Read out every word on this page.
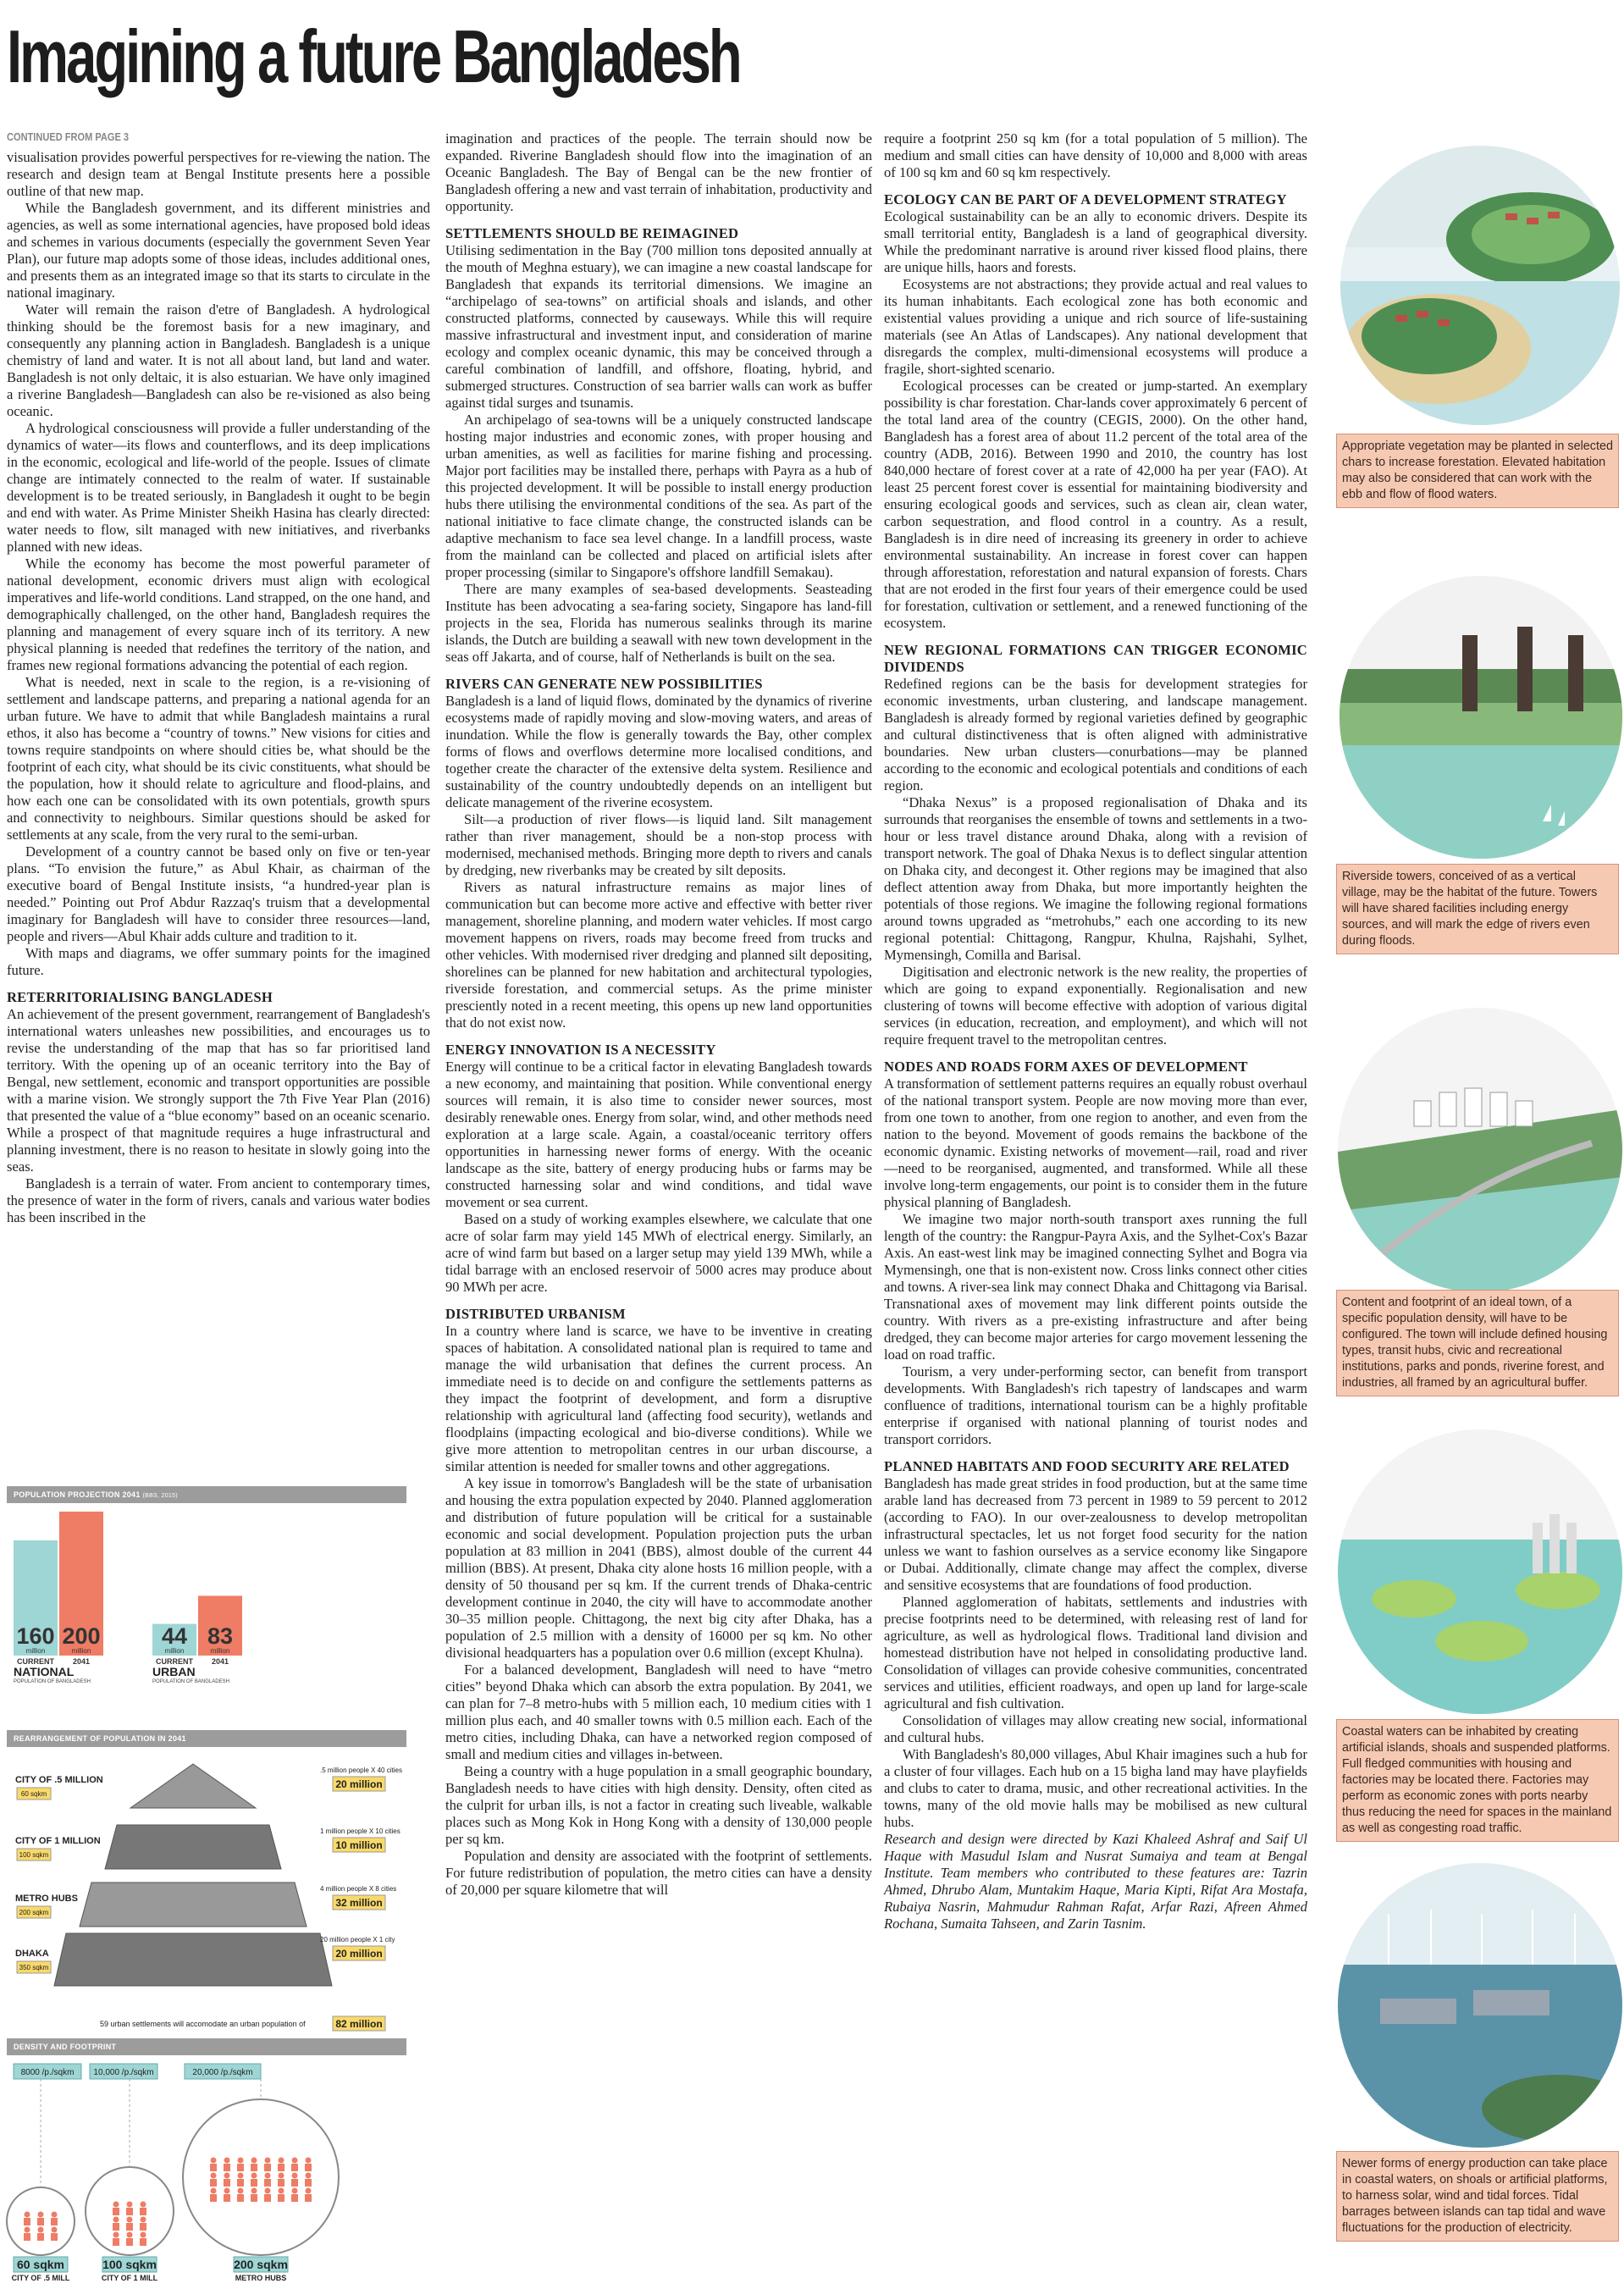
Imagining a future Bangladesh
CONTINUED FROM PAGE 3

visualisation provides powerful perspectives for re-viewing the nation. The research and design team at Bengal Institute presents here a possible outline of that new map.

While the Bangladesh government, and its different ministries and agencies, as well as some international agencies, have proposed bold ideas and schemes in various documents (especially the government Seven Year Plan), our future map adopts some of those ideas, includes additional ones, and presents them as an integrated image so that its starts to circulate in the national imaginary.

Water will remain the raison d'etre of Bangladesh. A hydrological thinking should be the foremost basis for a new imaginary, and consequently any planning action in Bangladesh. Bangladesh is a unique chemistry of land and water. It is not all about land, but land and water. Bangladesh is not only deltaic, it is also estuarian. We have only imagined a riverine Bangladesh—Bangladesh can also be re-visioned as also being oceanic.

A hydrological consciousness will provide a fuller understanding of the dynamics of water—its flows and counterflows, and its deep implications in the economic, ecological and life-world of the people. Issues of climate change are intimately connected to the realm of water. If sustainable development is to be treated seriously, in Bangladesh it ought to be begin and end with water. As Prime Minister Sheikh Hasina has clearly directed: water needs to flow, silt managed with new initiatives, and riverbanks planned with new ideas.

While the economy has become the most powerful parameter of national development, economic drivers must align with ecological imperatives and life-world conditions. Land strapped, on the one hand, and demographically challenged, on the other hand, Bangladesh requires the planning and management of every square inch of its territory. A new physical planning is needed that redefines the territory of the nation, and frames new regional formations advancing the potential of each region.

What is needed, next in scale to the region, is a re-visioning of settlement and landscape patterns, and preparing a national agenda for an urban future. We have to admit that while Bangladesh maintains a rural ethos, it also has become a “country of towns.” New visions for cities and towns require standpoints on where should cities be, what should be the footprint of each city, what should be its civic constituents, what should be the population, how it should relate to agriculture and flood-plains, and how each one can be consolidated with its own potentials, growth spurs and connectivity to neighbours. Similar questions should be asked for settlements at any scale, from the very rural to the semi-urban.

Development of a country cannot be based only on five or ten-year plans. “To envision the future,” as Abul Khair, as chairman of the executive board of Bengal Institute insists, “a hundred-year plan is needed.” Pointing out Prof Abdur Razzaq's truism that a developmental imaginary for Bangladesh will have to consider three resources—land, people and rivers—Abul Khair adds culture and tradition to it.

With maps and diagrams, we offer summary points for the imagined future.

RETERRITORIALISING BANGLADESH

An achievement of the present government, rearrangement of Bangladesh's international waters unleashes new possibilities, and encourages us to revise the understanding of the map that has so far prioritised land territory. With the opening up of an oceanic territory into the Bay of Bengal, new settlement, economic and transport opportunities are possible with a marine vision. We strongly support the 7th Five Year Plan (2016) that presented the value of a “blue economy” based on an oceanic scenario. While a prospect of that magnitude requires a huge infrastructural and planning investment, there is no reason to hesitate in slowly going into the seas.

Bangladesh is a terrain of water. From ancient to contemporary times, the presence of water in the form of rivers, canals and various water bodies has been inscribed in the

imagination and practices of the people. The terrain should now be expanded. Riverine Bangladesh should flow into the imagination of an Oceanic Bangladesh. The Bay of Bengal can be the new frontier of Bangladesh offering a new and vast terrain of inhabitation, productivity and opportunity.

SETTLEMENTS SHOULD BE REIMAGINED

Utilising sedimentation in the Bay (700 million tons deposited annually at the mouth of Meghna estuary), we can imagine a new coastal landscape for Bangladesh that expands its territorial dimensions. We imagine an “archipelago of sea-towns” on artificial shoals and islands, and other constructed platforms, connected by causeways. While this will require massive infrastructural and investment input, and consideration of marine ecology and complex oceanic dynamic, this may be conceived through a careful combination of landfill, and offshore, floating, hybrid, and submerged structures. Construction of sea barrier walls can work as buffer against tidal surges and tsunamis.

An archipelago of sea-towns will be a uniquely constructed landscape hosting major industries and economic zones, with proper housing and urban amenities, as well as facilities for marine fishing and processing. Major port facilities may be installed there, perhaps with Payra as a hub of this projected development. It will be possible to install energy production hubs there utilising the environmental conditions of the sea. As part of the national initiative to face climate change, the constructed islands can be adaptive mechanism to face sea level change. In a landfill process, waste from the mainland can be collected and placed on artificial islets after proper processing (similar to Singapore's offshore landfill Semakau).

There are many examples of sea-based developments. Seasteading Institute has been advocating a sea-faring society, Singapore has land-fill projects in the sea, Florida has numerous sealinks through its marine islands, the Dutch are building a seawall with new town development in the seas off Jakarta, and of course, half of Netherlands is built on the sea.

RIVERS CAN GENERATE NEW POSSIBILITIES

Bangladesh is a land of liquid flows, dominated by the dynamics of riverine ecosystems made of rapidly moving and slow-moving waters, and areas of inundation. While the flow is generally towards the Bay, other complex forms of flows and overflows determine more localised conditions, and together create the character of the extensive delta system. Resilience and sustainability of the country undoubtedly depends on an intelligent but delicate management of the riverine ecosystem.

Silt—a production of river flows—is liquid land. Silt management rather than river management, should be a non-stop process with modernised, mechanised methods. Bringing more depth to rivers and canals by dredging, new riverbanks may be created by silt deposits.

Rivers as natural infrastructure remains as major lines of communication but can become more active and effective with better river management, shoreline planning, and modern water vehicles. If most cargo movement happens on rivers, roads may become freed from trucks and other vehicles. With modernised river dredging and planned silt depositing, shorelines can be planned for new habitation and architectural typologies, riverside forestation, and commercial setups. As the prime minister presciently noted in a recent meeting, this opens up new land opportunities that do not exist now.

ENERGY INNOVATION IS A NECESSITY

Energy will continue to be a critical factor in elevating Bangladesh towards a new economy, and maintaining that position. While conventional energy sources will remain, it is also time to consider newer sources, most desirably renewable ones. Energy from solar, wind, and other methods need exploration at a large scale. Again, a coastal/oceanic territory offers opportunities in harnessing newer forms of energy. With the oceanic landscape as the site, battery of energy producing hubs or farms may be constructed harnessing solar and wind conditions, and tidal wave movement or sea current.

Based on a study of working examples elsewhere, we calculate that one acre of solar farm may yield 145 MWh of electrical energy. Similarly, an acre of wind farm but based on a larger setup may yield 139 MWh, while a tidal barrage with an enclosed reservoir of 5000 acres may produce about 90 MWh per acre.

DISTRIBUTED URBANISM

In a country where land is scarce, we have to be inventive in creating spaces of habitation. A consolidated national plan is required to tame and manage the wild urbanisation that defines the current process. An immediate need is to decide on and configure the settlements patterns as they impact the footprint of development, and form a disruptive relationship with agricultural land (affecting food security), wetlands and floodplains (impacting ecological and bio-diverse conditions). While we give more attention to metropolitan centres in our urban discourse, a similar attention is needed for smaller towns and other aggregations.

A key issue in tomorrow's Bangladesh will be the state of urbanisation and housing the extra population expected by 2040. Planned agglomeration and distribution of future population will be critical for a sustainable economic and social development. Population projection puts the urban population at 83 million in 2041 (BBS), almost double of the current 44 million (BBS). At present, Dhaka city alone hosts 16 million people, with a density of 50 thousand per sq km. If the current trends of Dhaka-centric development continue in 2040, the city will have to accommodate another 30–35 million people. Chittagong, the next big city after Dhaka, has a population of 2.5 million with a density of 16000 per sq km. No other divisional headquarters has a population over 0.6 million (except Khulna).

For a balanced development, Bangladesh will need to have “metro cities” beyond Dhaka which can absorb the extra population. By 2041, we can plan for 7–8 metro-hubs with 5 million each, 10 medium cities with 1 million plus each, and 40 smaller towns with 0.5 million each. Each of the metro cities, including Dhaka, can have a networked region composed of small and medium cities and villages in-between.

Being a country with a huge population in a small geographic boundary, Bangladesh needs to have cities with high density. Density, often cited as the culprit for urban ills, is not a factor in creating such liveable, walkable places such as Mong Kok in Hong Kong with a density of 130,000 people per sq km.

Population and density are associated with the footprint of settlements. For future redistribution of population, the metro cities can have a density of 20,000 per square kilometre that will

require a footprint 250 sq km (for a total population of 5 million). The medium and small cities can have density of 10,000 and 8,000 with areas of 100 sq km and 60 sq km respectively.

ECOLOGY CAN BE PART OF A DEVELOPMENT STRATEGY

Ecological sustainability can be an ally to economic drivers. Despite its small territorial entity, Bangladesh is a land of geographical diversity. While the predominant narrative is around river kissed flood plains, there are unique hills, haors and forests.

Ecosystems are not abstractions; they provide actual and real values to its human inhabitants. Each ecological zone has both economic and existential values providing a unique and rich source of life-sustaining materials (see An Atlas of Landscapes). Any national development that disregards the complex, multi-dimensional ecosystems will produce a fragile, short-sighted scenario.

Ecological processes can be created or jump-started. An exemplary possibility is char forestation. Char-lands cover approximately 6 percent of the total land area of the country (CEGIS, 2000). On the other hand, Bangladesh has a forest area of about 11.2 percent of the total area of the country (ADB, 2016). Between 1990 and 2010, the country has lost 840,000 hectare of forest cover at a rate of 42,000 ha per year (FAO). At least 25 percent forest cover is essential for maintaining biodiversity and ensuring ecological goods and services, such as clean air, clean water, carbon sequestration, and flood control in a country. As a result, Bangladesh is in dire need of increasing its greenery in order to achieve environmental sustainability. An increase in forest cover can happen through afforestation, reforestation and natural expansion of forests. Chars that are not eroded in the first four years of their emergence could be used for forestation, cultivation or settlement, and a renewed functioning of the ecosystem.

NEW REGIONAL FORMATIONS CAN TRIGGER ECONOMIC DIVIDENDS

Redefined regions can be the basis for development strategies for economic investments, urban clustering, and landscape management. Bangladesh is already formed by regional varieties defined by geographic and cultural distinctiveness that is often aligned with administrative boundaries. New urban clusters—conurbations—may be planned according to the economic and ecological potentials and conditions of each region.

“Dhaka Nexus” is a proposed regionalisation of Dhaka and its surrounds that reorganises the ensemble of towns and settlements in a two-hour or less travel distance around Dhaka, along with a revision of transport network. The goal of Dhaka Nexus is to deflect singular attention on Dhaka city, and decongest it. Other regions may be imagined that also deflect attention away from Dhaka, but more importantly heighten the potentials of those regions. We imagine the following regional formations around towns upgraded as “metrohubs,” each one according to its new regional potential: Chittagong, Rangpur, Khulna, Rajshahi, Sylhet, Mymensingh, Comilla and Barisal.

Digitisation and electronic network is the new reality, the properties of which are going to expand exponentially. Regionalisation and new clustering of towns will become effective with adoption of various digital services (in education, recreation, and employment), and which will not require frequent travel to the metropolitan centres.

NODES AND ROADS FORM AXES OF DEVELOPMENT

A transformation of settlement patterns requires an equally robust overhaul of the national transport system. People are now moving more than ever, from one town to another, from one region to another, and even from the nation to the beyond. Movement of goods remains the backbone of the economic dynamic. Existing networks of movement—rail, road and river—need to be reorganised, augmented, and transformed. While all these involve long-term engagements, our point is to consider them in the future physical planning of Bangladesh.

We imagine two major north-south transport axes running the full length of the country: the Rangpur-Payra Axis, and the Sylhet-Cox's Bazar Axis. An east-west link may be imagined connecting Sylhet and Bogra via Mymensingh, one that is non-existent now. Cross links connect other cities and towns. A river-sea link may connect Dhaka and Chittagong via Barisal. Transnational axes of movement may link different points outside the country. With rivers as a pre-existing infrastructure and after being dredged, they can become major arteries for cargo movement lessening the load on road traffic.

Tourism, a very under-performing sector, can benefit from transport developments. With Bangladesh's rich tapestry of landscapes and warm confluence of traditions, international tourism can be a highly profitable enterprise if organised with national planning of tourist nodes and transport corridors.

PLANNED HABITATS AND FOOD SECURITY ARE RELATED

Bangladesh has made great strides in food production, but at the same time arable land has decreased from 73 percent in 1989 to 59 percent to 2012 (according to FAO). In our over-zealousness to develop metropolitan infrastructural spectacles, let us not forget food security for the nation unless we want to fashion ourselves as a service economy like Singapore or Dubai. Additionally, climate change may affect the complex, diverse and sensitive ecosystems that are foundations of food production.

Planned agglomeration of habitats, settlements and industries with precise footprints need to be determined, with releasing rest of land for agriculture, as well as hydrological flows. Traditional land division and homestead distribution have not helped in consolidating productive land. Consolidation of villages can provide cohesive communities, concentrated services and utilities, efficient roadways, and open up land for large-scale agricultural and fish cultivation.

Consolidation of villages may allow creating new social, informational and cultural hubs.

With Bangladesh's 80,000 villages, Abul Khair imagines such a hub for a cluster of four villages. Each hub on a 15 bigha land may have playfields and clubs to cater to drama, music, and other recreational activities. In the towns, many of the old movie halls may be mobilised as new cultural hubs.

Research and design were directed by Kazi Khaleed Ashraf and Saif Ul Haque with Masudul Islam and Nusrat Sumaiya and team at Bengal Institute. Team members who contributed to these features are: Tazrin Ahmed, Dhrubo Alam, Muntakim Haque, Maria Kipti, Rifat Ara Mostafa, Rubaiya Nasrin, Mahmudur Rahman Rafat, Arfar Razi, Afreen Ahmed Rochana, Sumaita Tahseen, and Zarin Tasnim.

Appropriate vegetation may be planted in selected chars to increase forestation. Elevated habitation may also be considered that can work with the ebb and flow of flood waters.
Riverside towers, conceived of as a vertical village, may be the habitat of the future. Towers will have shared facilities including energy sources, and will mark the edge of rivers even during floods.
Content and footprint of an ideal town, of a specific population density, will have to be configured. The town will include defined housing types, transit hubs, civic and recreational institutions, parks and ponds, riverine forest, and industries, all framed by an agricultural buffer.
Coastal waters can be inhabited by creating artificial islands, shoals and suspended platforms. Full fledged communities with housing and factories may be located there. Factories may perform as economic zones with ports nearby thus reducing the need for spaces in the mainland as well as congesting road traffic.
Newer forms of energy production can take place in coastal waters, on shoals or artificial platforms, to harness solar, wind and tidal forces. Tidal barrages between islands can tap tidal and wave fluctuations for the production of electricity.
POPULATION PROJECTION 2041 (BBS, 2015)
160
million
CURRENT
200
million
2041
NATIONAL
POPULATION OF BANGLADESH
44
million
CURRENT
83
million
2041
URBAN
POPULATION OF BANGLADESH
REARRANGEMENT OF POPULATION IN 2041
CITY OF .5 MILLION
60 sqkm
.5 million people X 40 cities
20 million
CITY OF 1 MILLION
100 sqkm
1 million people X 10 cities
10 million
METRO HUBS
200 sqkm
4 million people X 8 cities
32 million
DHAKA
350 sqkm
20 million people X 1 city
20 million
59 urban settlements will accomodate an urban population of	82 million
DENSITY AND FOOTPRINT
8000 /p./sqkm
60 sqkm
CITY OF .5 MILL
10,000 /p./sqkm
100 sqkm
CITY OF 1 MILL
20,000 /p./sqkm
200 sqkm
METRO HUBS
